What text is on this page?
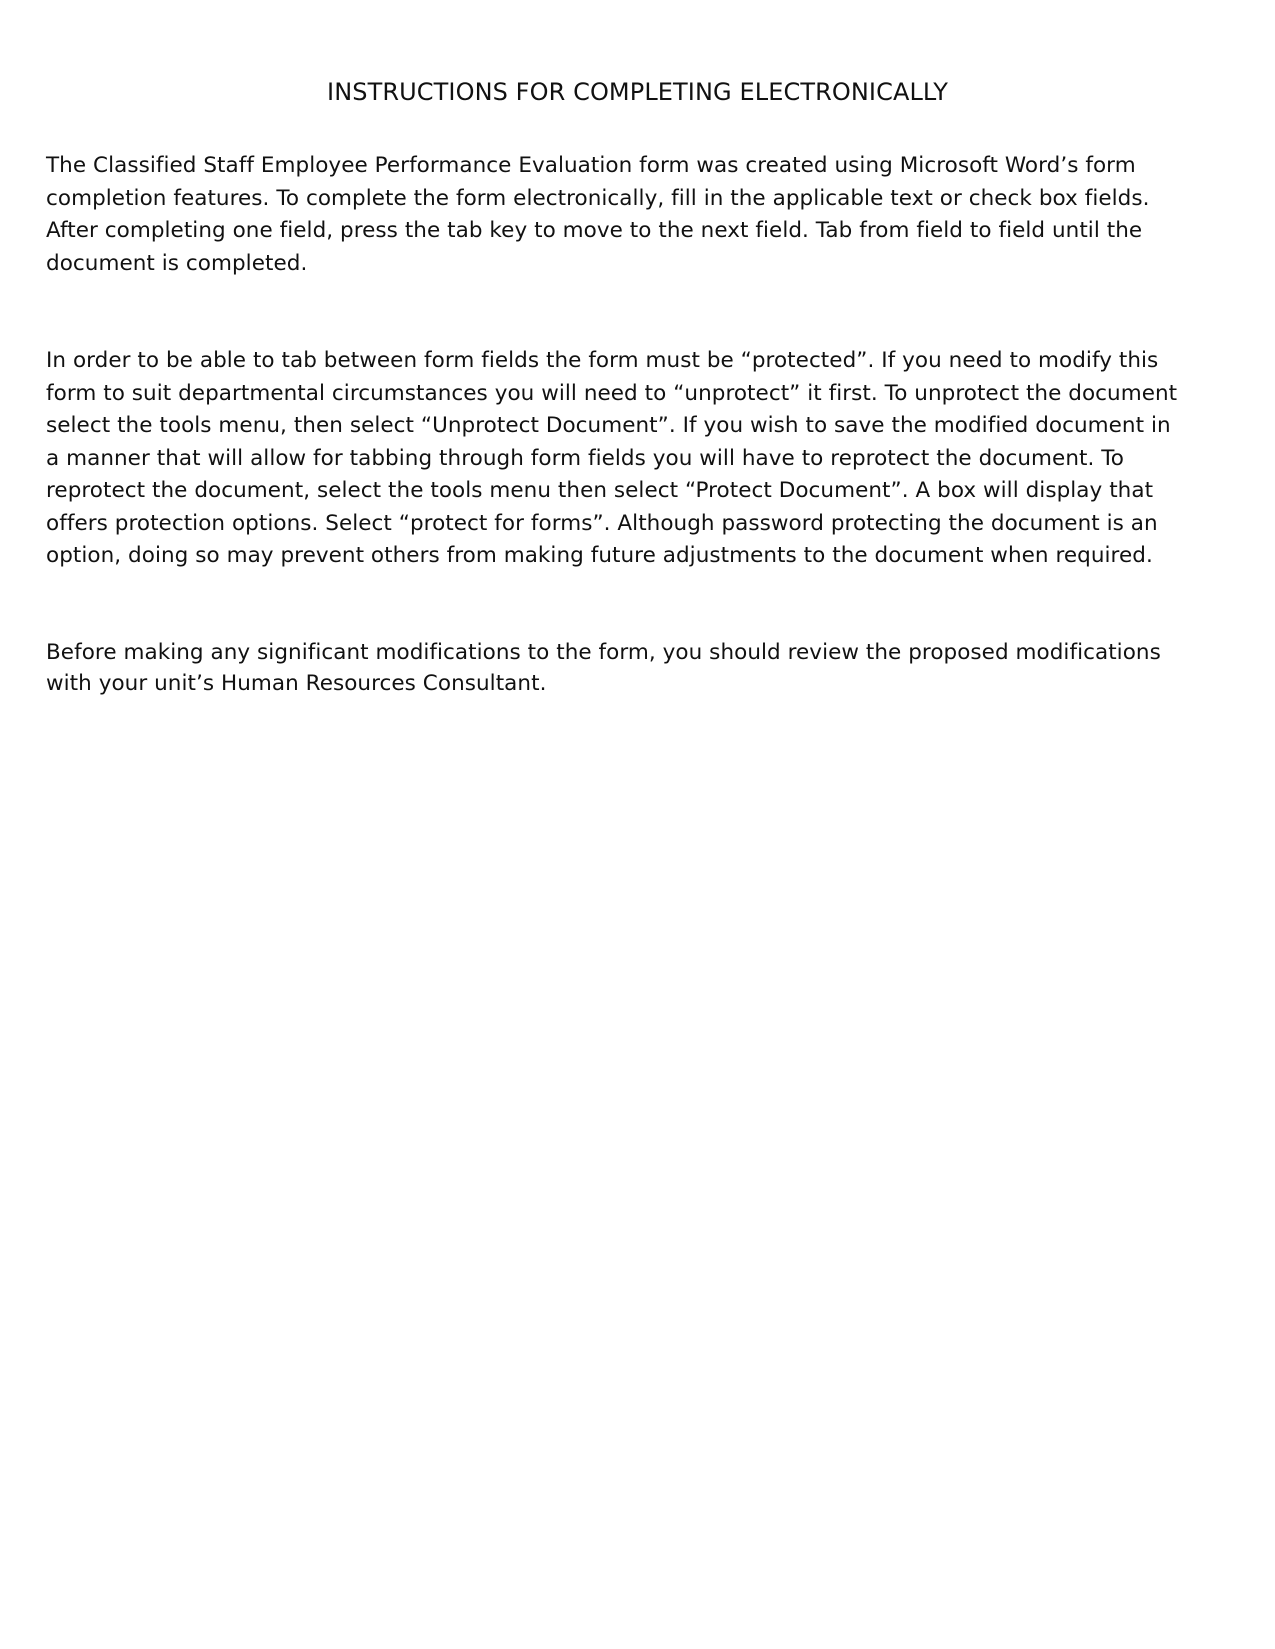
INSTRUCTIONS FOR COMPLETING ELECTRONICALLY

The Classified Staff Employee Performance Evaluation form was created using Microsoft Word’s form
completion features. To complete the form electronically, fill in the applicable text or check box fields.
After completing one field, press the tab key to move to the next field. Tab from field to field until the
document is completed.

In order to be able to tab between form fields the form must be “protected”. If you need to modify this
form to suit departmental circumstances you will need to “unprotect” it first. To unprotect the document
select the tools menu, then select “Unprotect Document”. If you wish to save the modified document in
a manner that will allow for tabbing through form fields you will have to reprotect the document. To
reprotect the document, select the tools menu then select “Protect Document”. A box will display that
offers protection options. Select “protect for forms”. Although password protecting the document is an
option, doing so may prevent others from making future adjustments to the document when required.

Before making any significant modifications to the form, you should review the proposed modifications
with your unit’s Human Resources Consultant.
